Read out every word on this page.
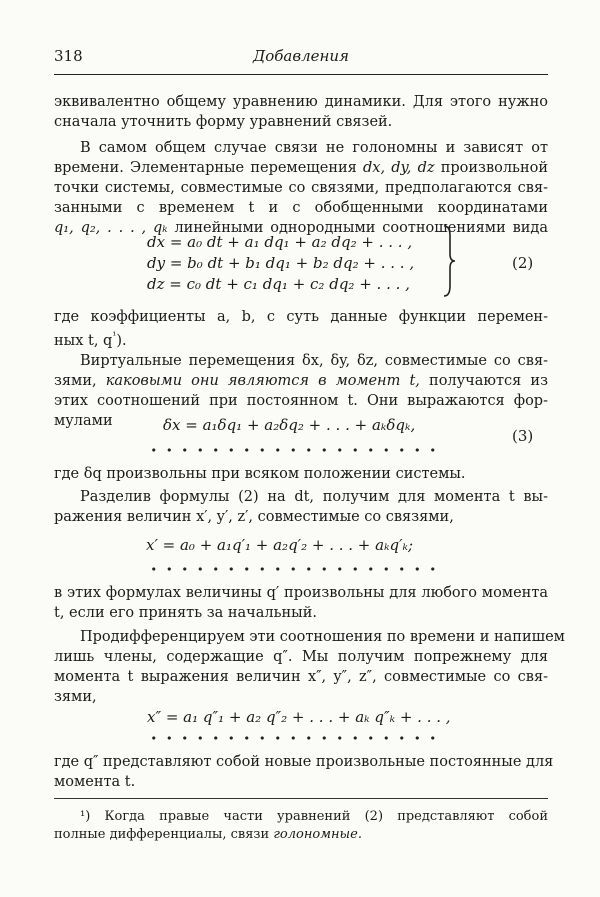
318	Добавления
эквивалентно общему уравнению динамики. Для этого нужно
сначала уточнить форму уравнений связей.
В самом общем случае связи не голономны и зависят от
времени. Элементарные перемещения dx, dy, dz произвольной
точки системы, совместимые со связями, предполагаются свя-
занными с временем t и с обобщенными координатами
q₁, q₂, . . . , qₖ линейными однородными соотношениями вида
dx = a₀ dt + a₁ dq₁ + a₂ dq₂ + . . . ,
dy = b₀ dt + b₁ dq₁ + b₂ dq₂ + . . . ,
dz = c₀ dt + c₁ dq₁ + c₂ dq₂ + . . . ,
(2)
где коэффициенты a, b, c суть данные функции перемен-
ных t, $q^{^1}$).
Виртуальные перемещения δx, δy, δz, совместимые со свя-
зями, каковыми они являются в момент t, получаются из
этих соотношений при постоянном t. Они выражаются фор-
мулами	δx = a₁δq₁ + a₂δq₂ + . . . + aₖδqₖ,
(3)
где δq произвольны при всяком положении системы.
Разделив формулы (2) на dt, получим для момента t вы-
ражения величин x′, y′, z′, совместимые со связями,
x′ = a₀ + a₁q′₁ + a₂q′₂ + . . . + aₖq′ₖ;
в этих формулах величины q′ произвольны для любого момента
t, если его принять за начальный.
Продифференцируем эти соотношения по времени и напишем
лишь члены, содержащие q″. Мы получим попрежнему для
момента t выражения величин x″, y″, z″, совместимые со свя-
зями,
x″ = a₁ q″₁ + a₂ q″₂ + . . . + aₖ q″ₖ + . . . ,
где q″ представляют собой новые произвольные постоянные для
момента t.
¹) Когда правые части уравнений (2) представляют собой
полные дифференциалы, связи голономные.
